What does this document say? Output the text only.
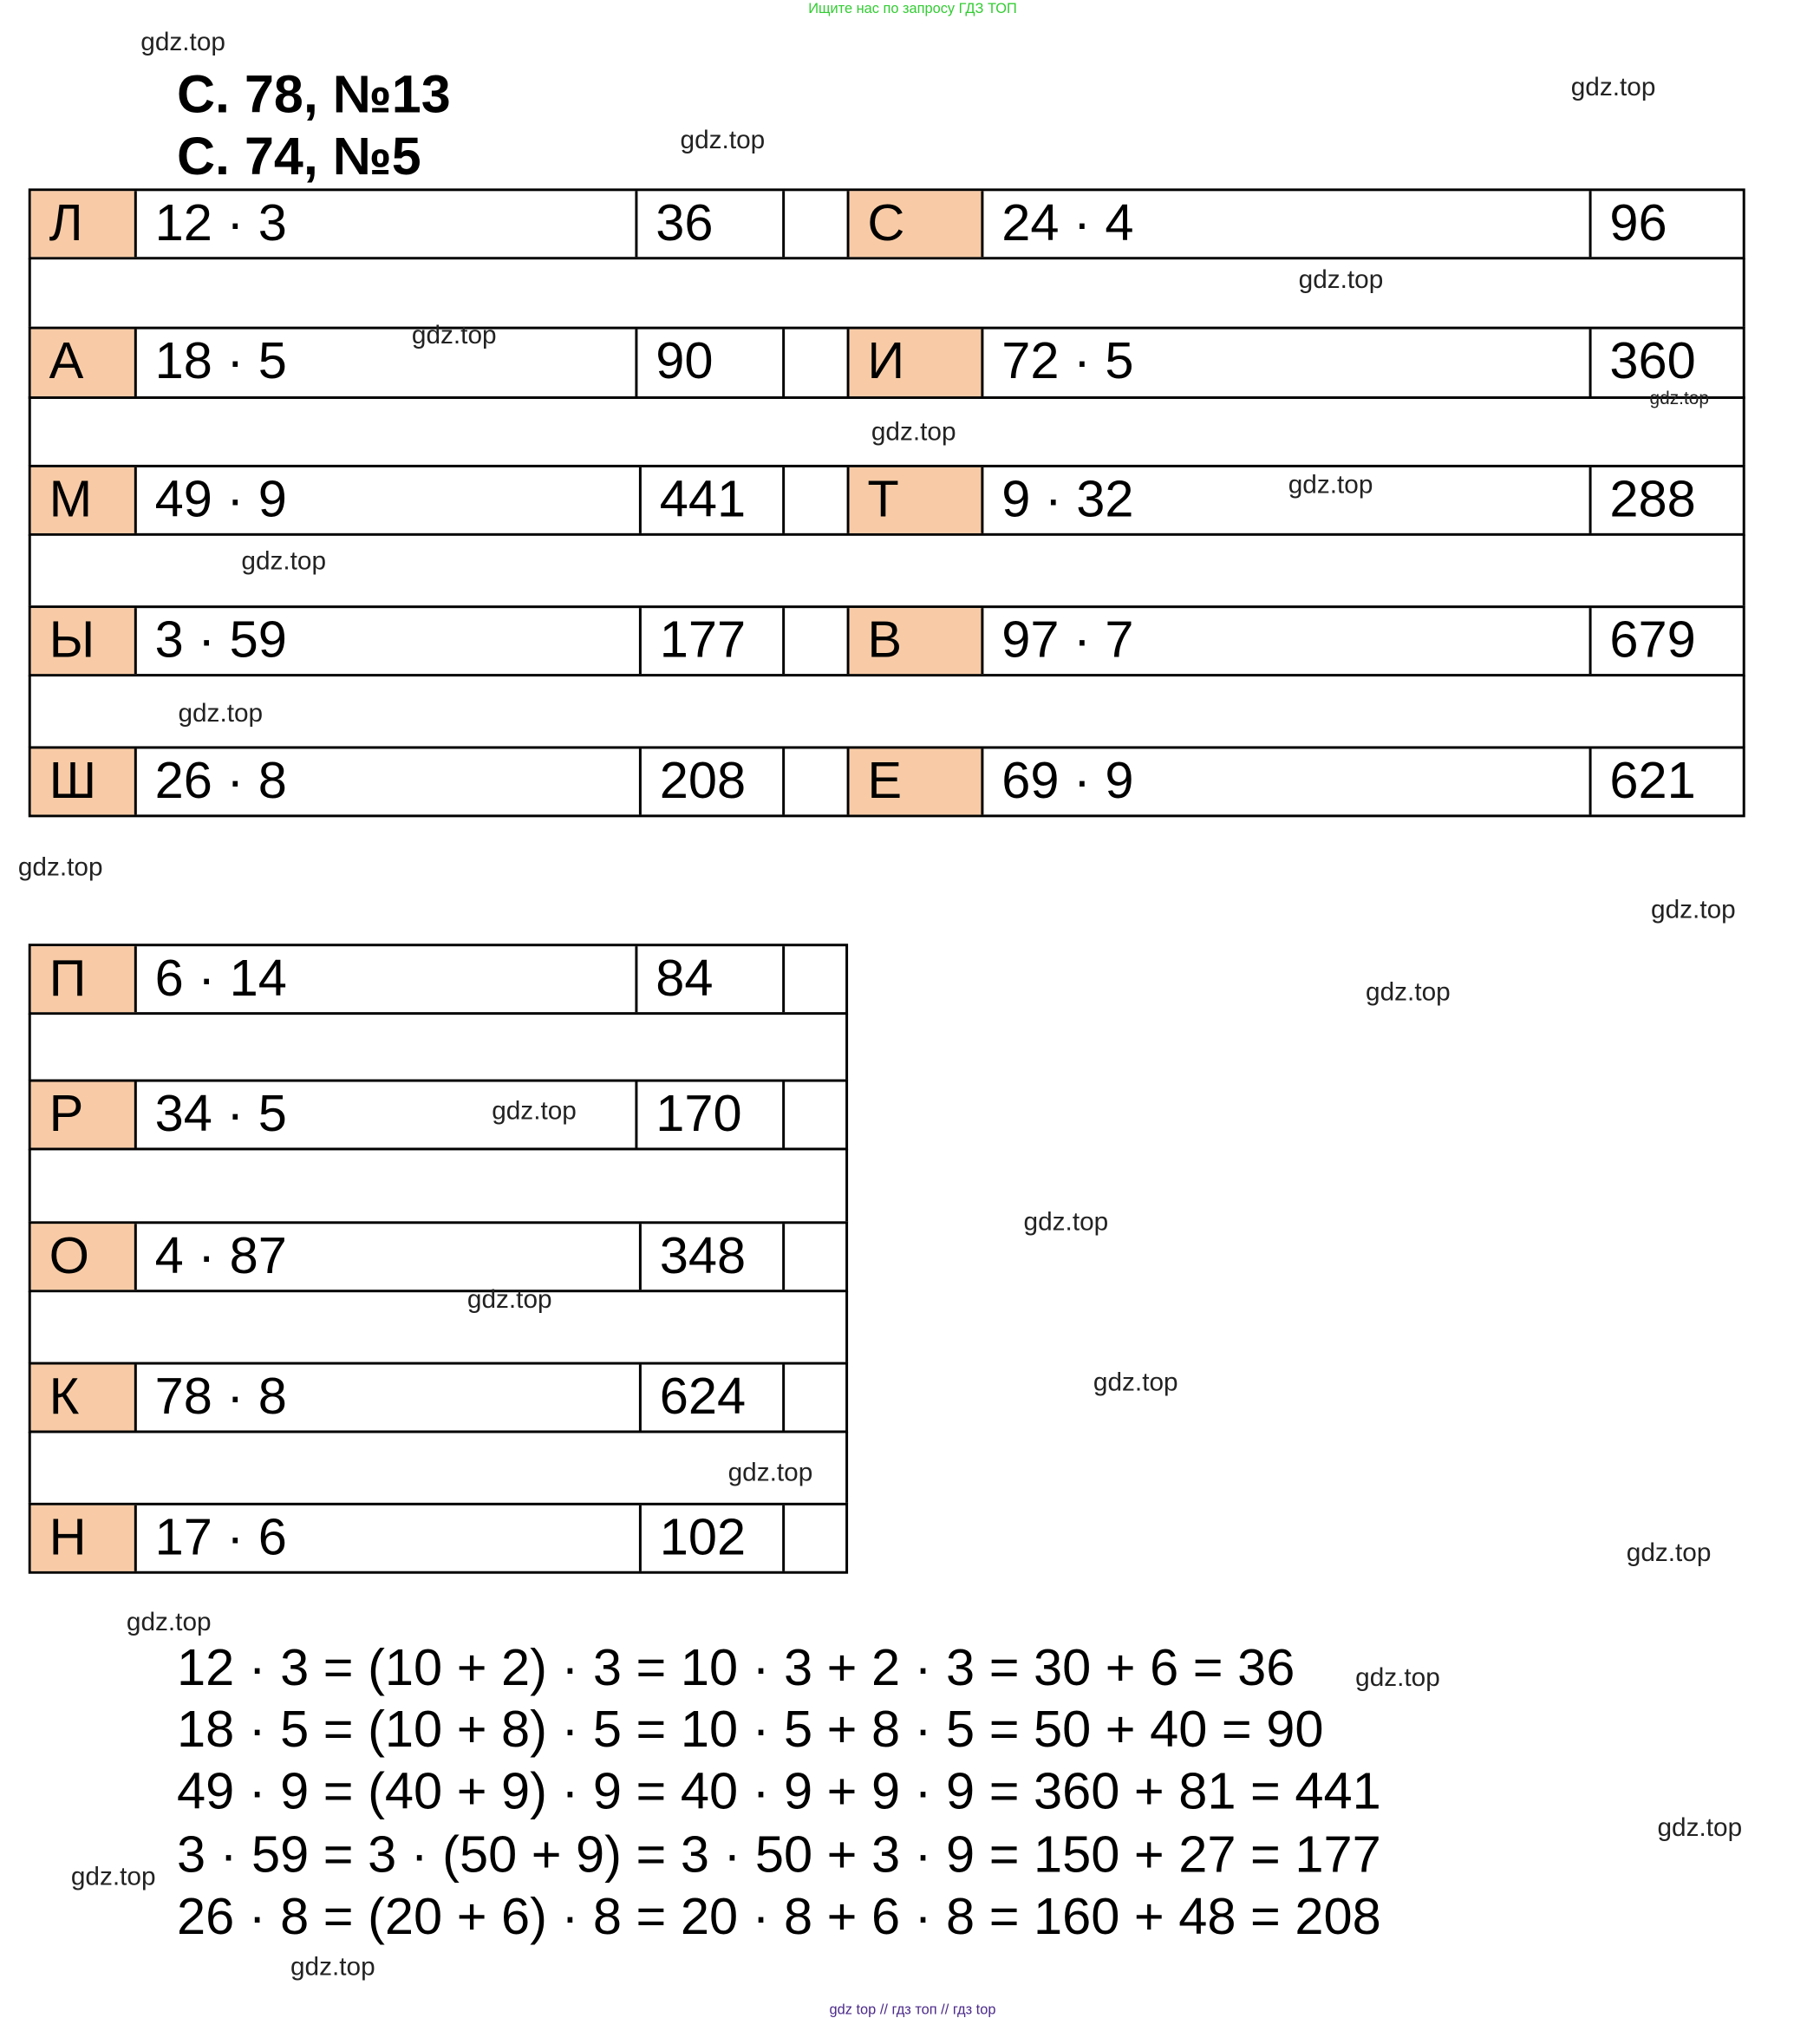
Ищите нас по запросу ГДЗ ТОП
С. 78, №13
С. 74, №5
Л	12 · 3	36	С	24 · 4	96
А	18 · 5	90	И	72 · 5	360
М	49 · 9	441	Т	9 · 32	288
Ы	3 · 59	177	В	97 · 7	679
Ш	26 · 8	208	Е	69 · 9	621
П	6 · 14	84
Р	34 · 5	170
О	4 · 87	348
К	78 · 8	624
Н	17 · 6	102
12 · 3 = (10 + 2) · 3 = 10 · 3 + 2 · 3 = 30 + 6 = 36
18 · 5 = (10 + 8) · 5 = 10 · 5 + 8 · 5 = 50 + 40 = 90
49 · 9 = (40 + 9) · 9 = 40 · 9 + 9 · 9 = 360 + 81 = 441
3 · 59 = 3 · (50 + 9) = 3 · 50 + 3 · 9 = 150 + 27 = 177
26 · 8 = (20 + 6) · 8 = 20 · 8 + 6 · 8 = 160 + 48 = 208
gdz.top
gdz.top
gdz.top
gdz.top
gdz.top
gdz.top
gdz.top
gdz.top
gdz.top
gdz.top
gdz.top
gdz.top
gdz.top
gdz.top
gdz.top
gdz.top
gdz.top
gdz.top
gdz.top
gdz.top
gdz.top
gdz.top
gdz.top
gdz.top
gdz top // гдз топ // гдз top
